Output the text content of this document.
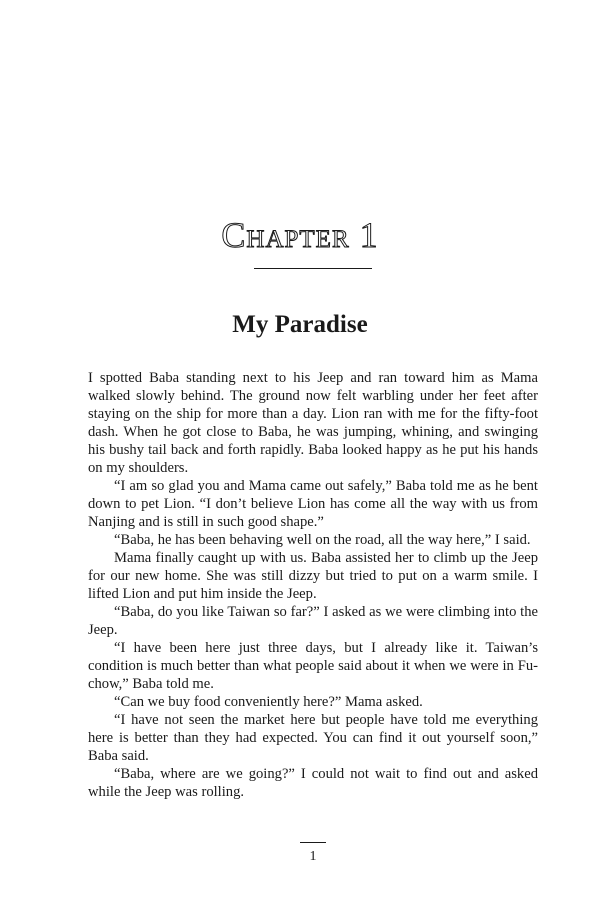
Chapter 1
My Paradise

I spotted Baba standing next to his Jeep and ran toward him as Mama walked slowly behind. The ground now felt warbling under her feet after staying on the ship for more than a day. Lion ran with me for the fifty-foot dash. When he got close to Baba, he was jumping, whining, and swinging his bushy tail back and forth rapidly. Baba looked happy as he put his hands on my shoulders.

“I am so glad you and Mama came out safely,” Baba told me as he bent down to pet Lion. “I don’t believe Lion has come all the way with us from Nanjing and is still in such good shape.”

“Baba, he has been behaving well on the road, all the way here,” I said.

Mama finally caught up with us. Baba assisted her to climb up the Jeep for our new home. She was still dizzy but tried to put on a warm smile. I lifted Lion and put him inside the Jeep.

“Baba, do you like Taiwan so far?” I asked as we were climbing into the Jeep.

“I have been here just three days, but I already like it. Taiwan’s condition is much better than what people said about it when we were in Fu-chow,” Baba told me.

“Can we buy food conveniently here?” Mama asked.

“I have not seen the market here but people have told me everything here is better than they had expected. You can find it out yourself soon,” Baba said.

“Baba, where are we going?” I could not wait to find out and asked while the Jeep was rolling.

1
